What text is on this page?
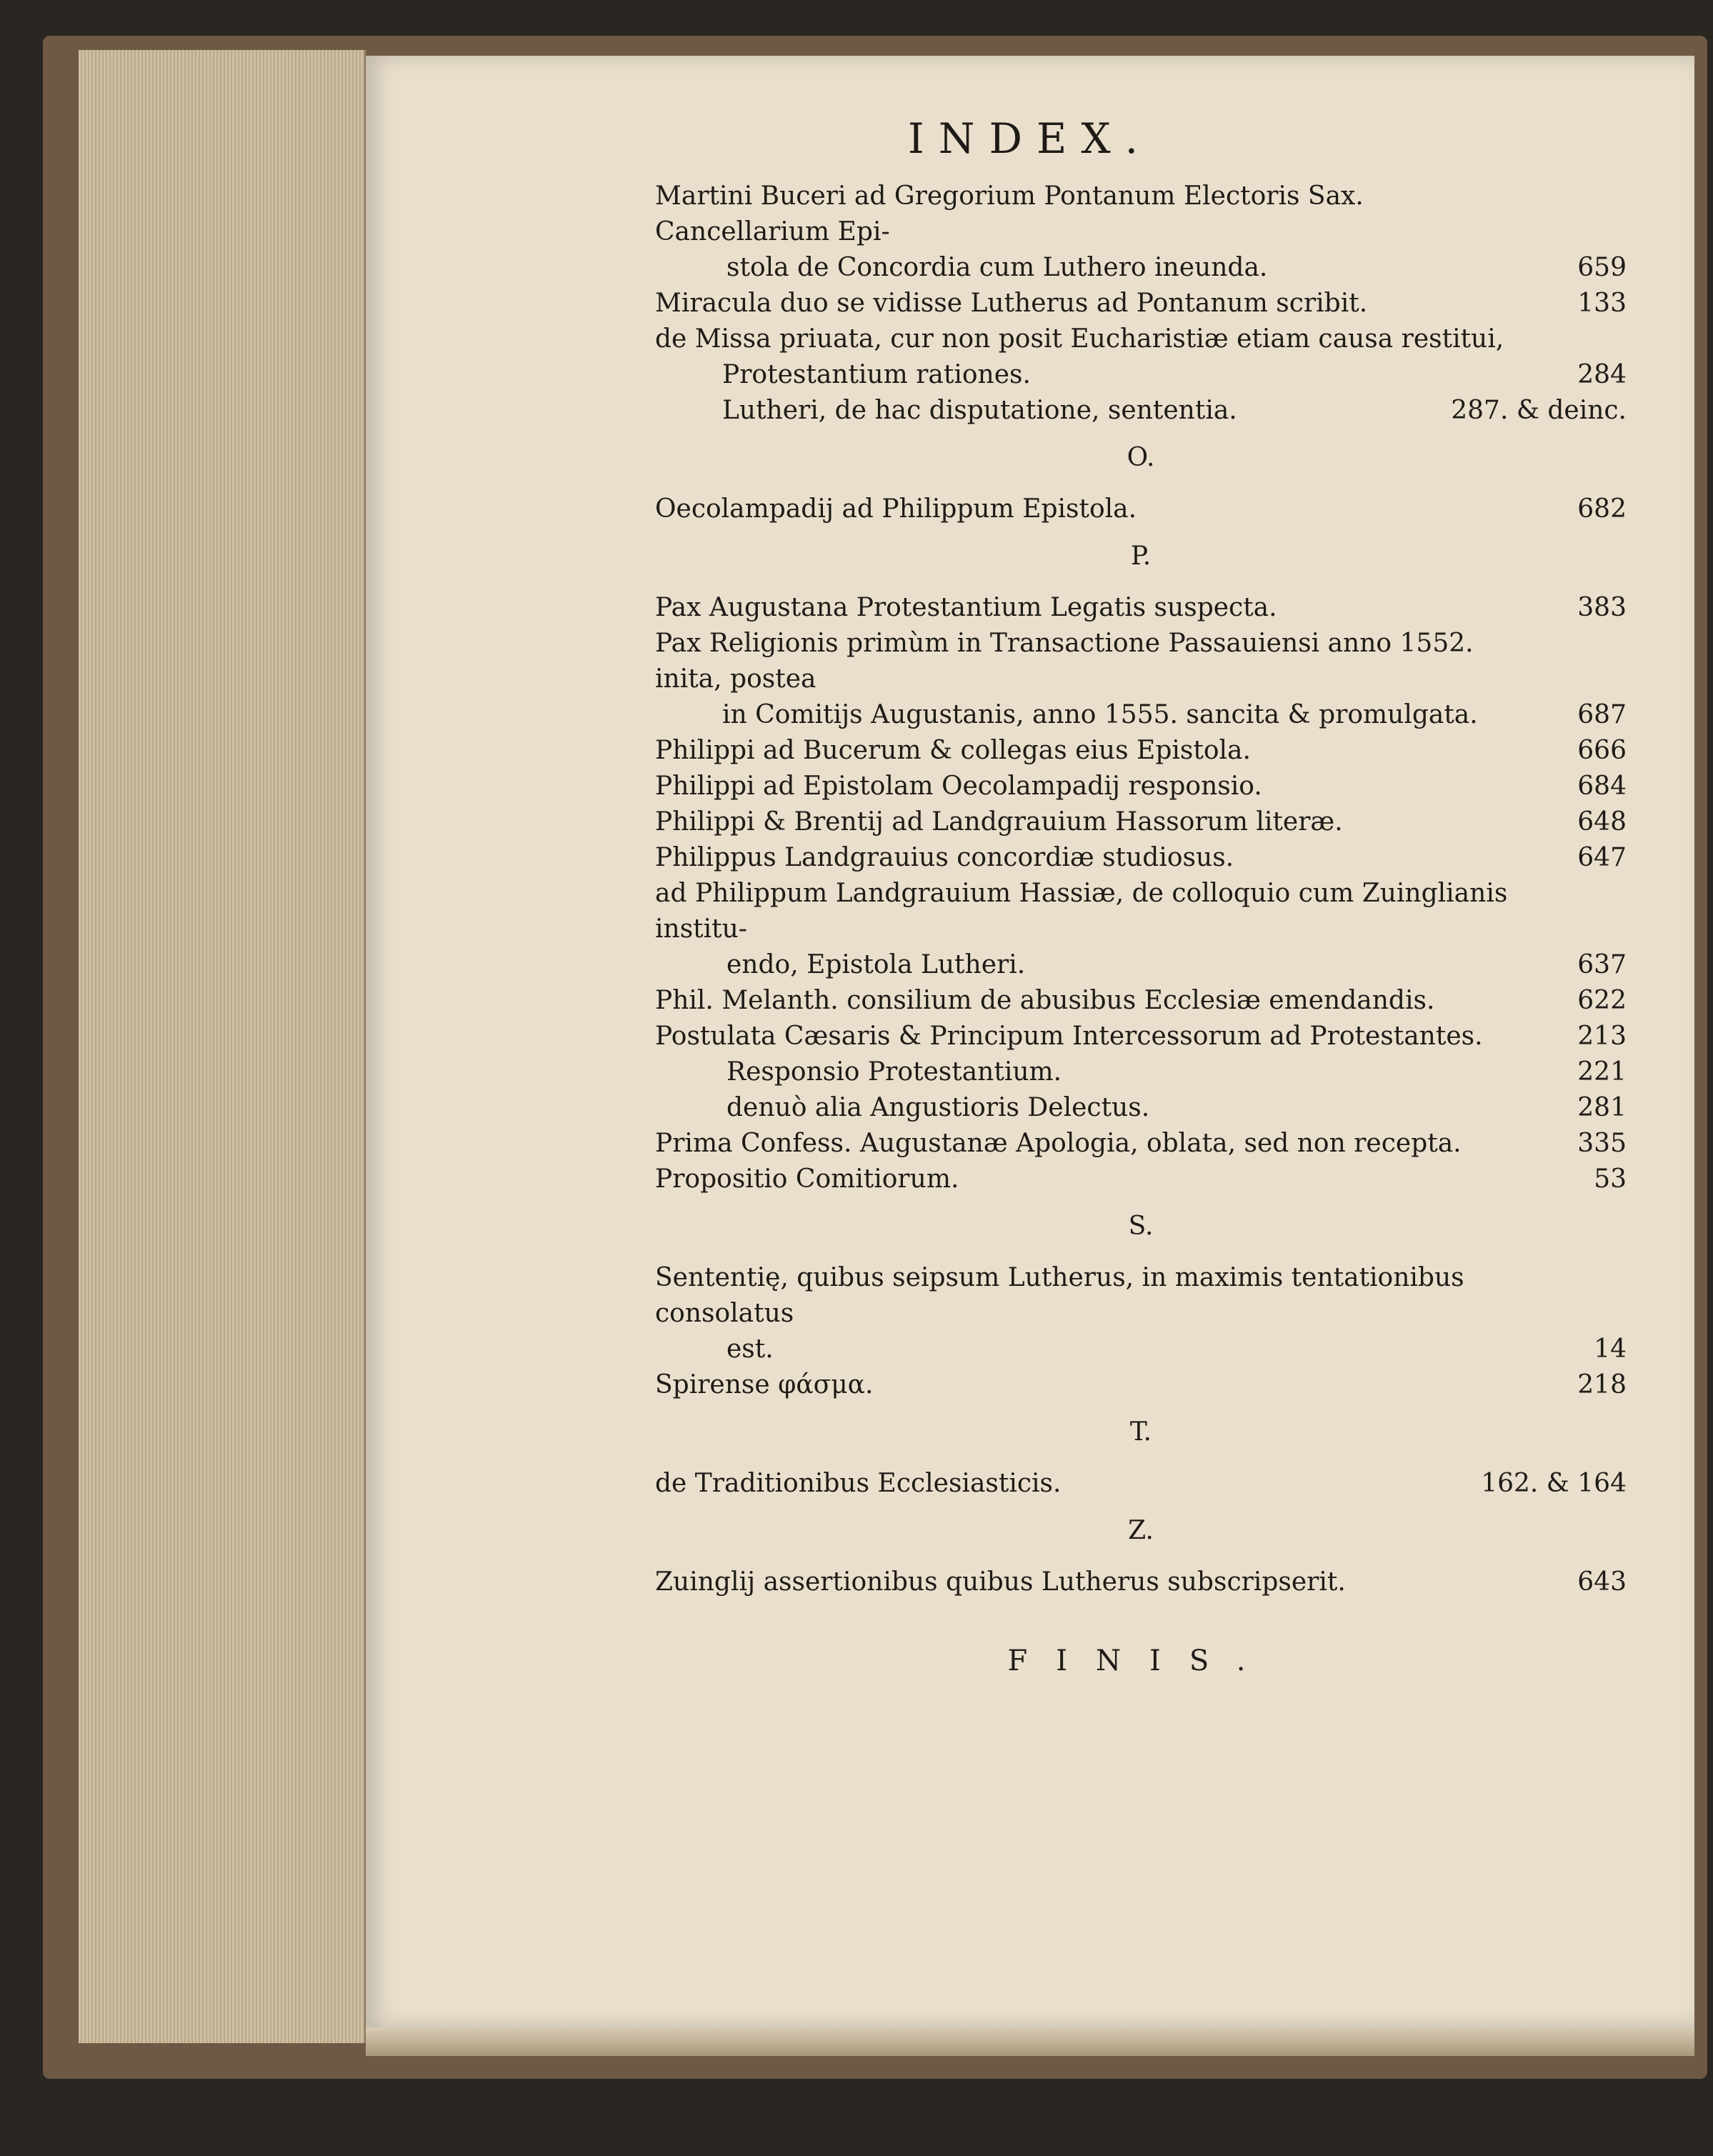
INDEX.
Martini Buceri ad Gregorium Pontanum Electoris Sax. Cancellarium Epi-
stola de Concordia cum Luthero ineunda.	659
Miracula duo se vidisse Lutherus ad Pontanum scribit.	133
de Missa priuata, cur non posit Eucharistiæ etiam causa restitui,
Protestantium rationes.	284
Lutheri, de hac disputatione, sententia.	287. & deinc.
O.
Oecolampadij ad Philippum Epistola.	682
P.
Pax Augustana Protestantium Legatis suspecta.	383
Pax Religionis primùm in Transactione Passauiensi anno 1552. inita, postea
in Comitijs Augustanis, anno 1555. sancita & promulgata.	687
Philippi ad Bucerum & collegas eius Epistola.	666
Philippi ad Epistolam Oecolampadij responsio.	684
Philippi & Brentij ad Landgrauium Hassorum literæ.	648
Philippus Landgrauius concordiæ studiosus.	647
ad Philippum Landgrauium Hassiæ, de colloquio cum Zuinglianis institu-
endo, Epistola Lutheri.	637
Phil. Melanth. consilium de abusibus Ecclesiæ emendandis.	622
Postulata Cæsaris & Principum Intercessorum ad Protestantes.	213
Responsio Protestantium.	221
denuò alia Angustioris Delectus.	281
Prima Confess. Augustanæ Apologia, oblata, sed non recepta.	335
Propositio Comitiorum.	53
S.
Sententię, quibus seipsum Lutherus, in maximis tentationibus consolatus
est.	14
Spirense φάσμα.	218
T.
de Traditionibus Ecclesiasticis.	162. & 164
Z.
Zuinglij assertionibus quibus Lutherus subscripserit.	643
FINIS.
